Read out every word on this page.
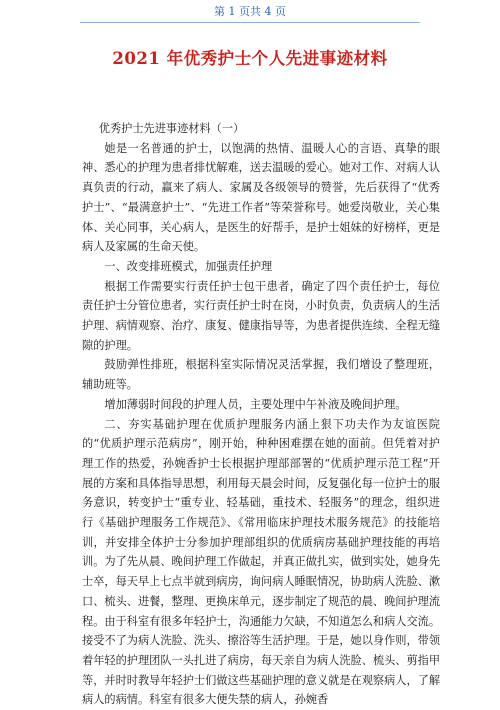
第 1 页共 4 页
2021 年优秀护士个人先进事迹材料

优秀护士先进事迹材料（一）

她是一名普通的护士，以饱满的热情、温暖人心的言语、真挚的眼神、悉心的护理为患者排忧解难，送去温暖的爱心。她对工作、对病人认真负责的行动，赢来了病人、家属及各级领导的赞誉，先后获得了“优秀护士”、“最满意护士”、“先进工作者”等荣誉称号。她爱岗敬业，关心集体、关心同事，关心病人，是医生的好帮手，是护士姐妹的好榜样，更是病人及家属的生命天使。

一、改变排班模式，加强责任护理

根据工作需要实行责任护士包干患者，确定了四个责任护士，每位责任护士分管位患者，实行责任护士时在岗，小时负责，负责病人的生活护理、病情观察、治疗、康复、健康指导等，为患者提供连续、全程无缝隙的护理。

鼓励弹性排班，根据科室实际情况灵活掌握，我们增设了整理班，辅助班等。

增加薄弱时间段的护理人员，主要处理中午补液及晚间护理。

二、夯实基础护理在优质护理服务内涵上狠下功夫作为友谊医院的“优质护理示范病房”，刚开始，种种困难摆在她的面前。但凭着对护理工作的热爱，孙婉香护士长根据护理部部署的“优质护理示范工程”开展的方案和具体指导思想，利用每天晨会时间，反复强化每一位护士的服务意识，转变护士“重专业、轻基础，重技术、轻服务”的理念，组织进行《基础护理服务工作规范》、《常用临床护理技术服务规范》的技能培训，并安排全体护士分参加护理部组织的优质病房基础护理技能的再培训。为了先从晨、晚间护理工作做起，并真正做扎实，做到实处，她身先士卒，每天早上七点半就到病房，询问病人睡眠情况，协助病人洗脸、漱口、梳头、进餐，整理、更换床单元，逐步制定了规范的晨、晚间护理流程。由于科室有很多年轻护士，沟通能力欠缺，不知道怎么和病人交流。接受不了为病人洗脸、洗头、擦浴等生活护理。于是，她以身作则，带领着年轻的护理团队一头扎进了病房，每天亲自为病人洗脸、梳头、剪指甲等，并时时教导年轻护士们做这些基础护理的意义就是在观察病人，了解病人的病情。科室有很多大便失禁的病人，孙婉香
